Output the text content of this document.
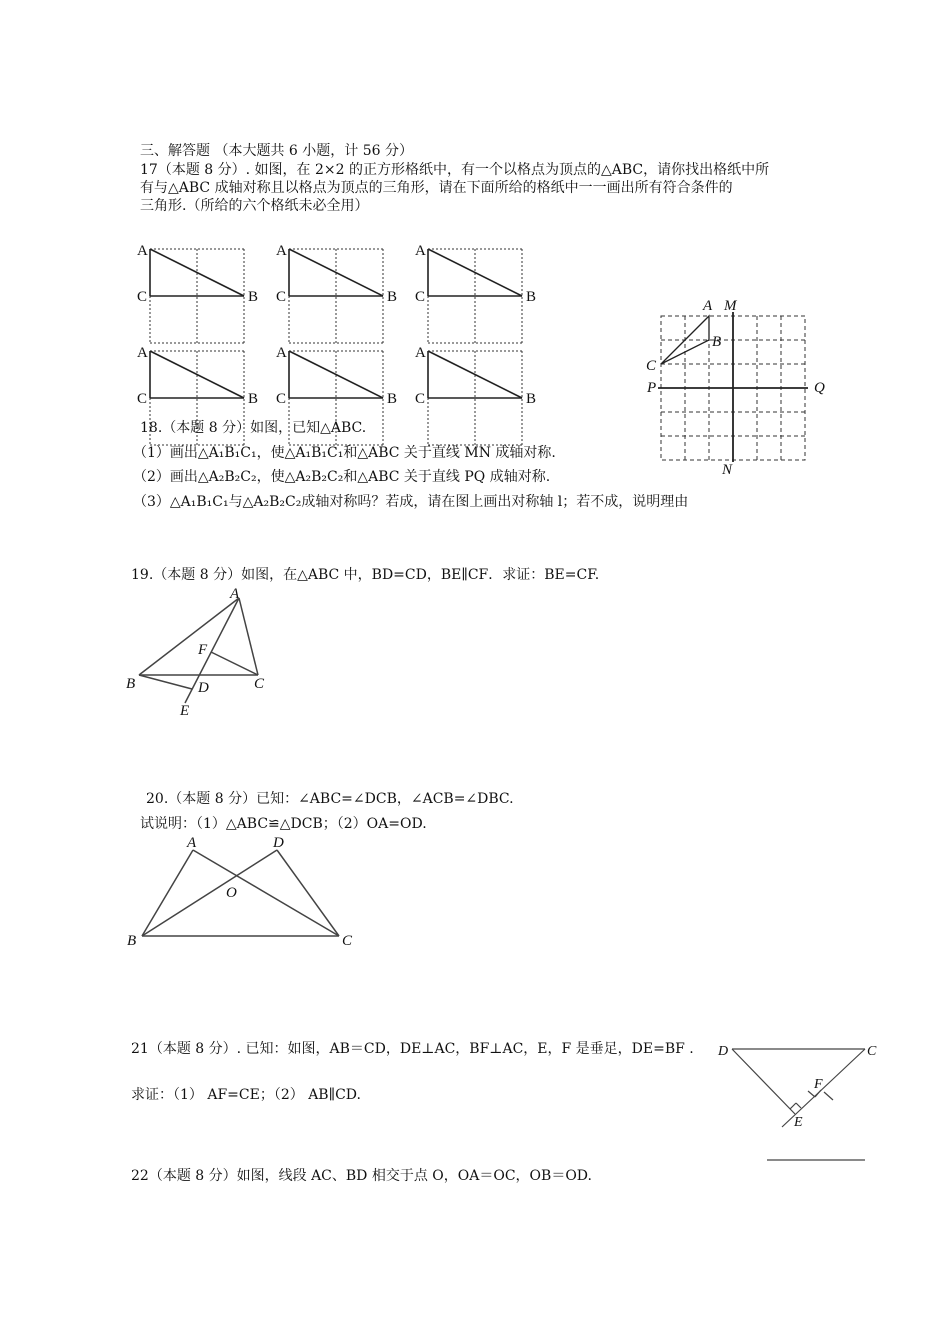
三、解答题 （本大题共 6 小题，计 56 分）
17（本题 8 分）. 如图，在 2×2 的正方形格纸中，有一个以格点为顶点的△ABC，请你找出格纸中所
有与△ABC 成轴对称且以格点为顶点的三角形，请在下面所给的格纸中一一画出所有符合条件的
三角形.（所给的六个格纸未必全用）
A
C	B
A
C	B
A
C	B
A
C	B
A
C	B
A
C	B
18.（本题 8 分）如图，已知△ABC.
（1）画出△A₁B₁C₁，使△A₁B₁C₁和△ABC 关于直线 MN 成轴对称.
（2）画出△A₂B₂C₂，使△A₂B₂C₂和△ABC 关于直线 PQ 成轴对称.
（3）△A₁B₁C₁与△A₂B₂C₂成轴对称吗？若成，请在图上画出对称轴 l；若不成，说明理由
A
B
C
M
N
P	Q
19.（本题 8 分）如图，在△ABC 中，BD=CD，BE∥CF．求证：BE=CF.
A
B	C
D
E
F
20.（本题 8 分）已知：∠ABC=∠DCB，∠ACB=∠DBC.
试说明：（1）△ABC≌△DCB；（2）OA=OD.
A	D
O
B	C
21（本题 8 分）. 已知：如图，AB＝CD，DE⊥AC，BF⊥AC，E，F 是垂足，DE=BF .
求证：（1） AF=CE；（2） AB∥CD.
D	C
F
E
22（本题 8 分）如图，线段 AC、BD 相交于点 O，OA＝OC，OB＝OD.
